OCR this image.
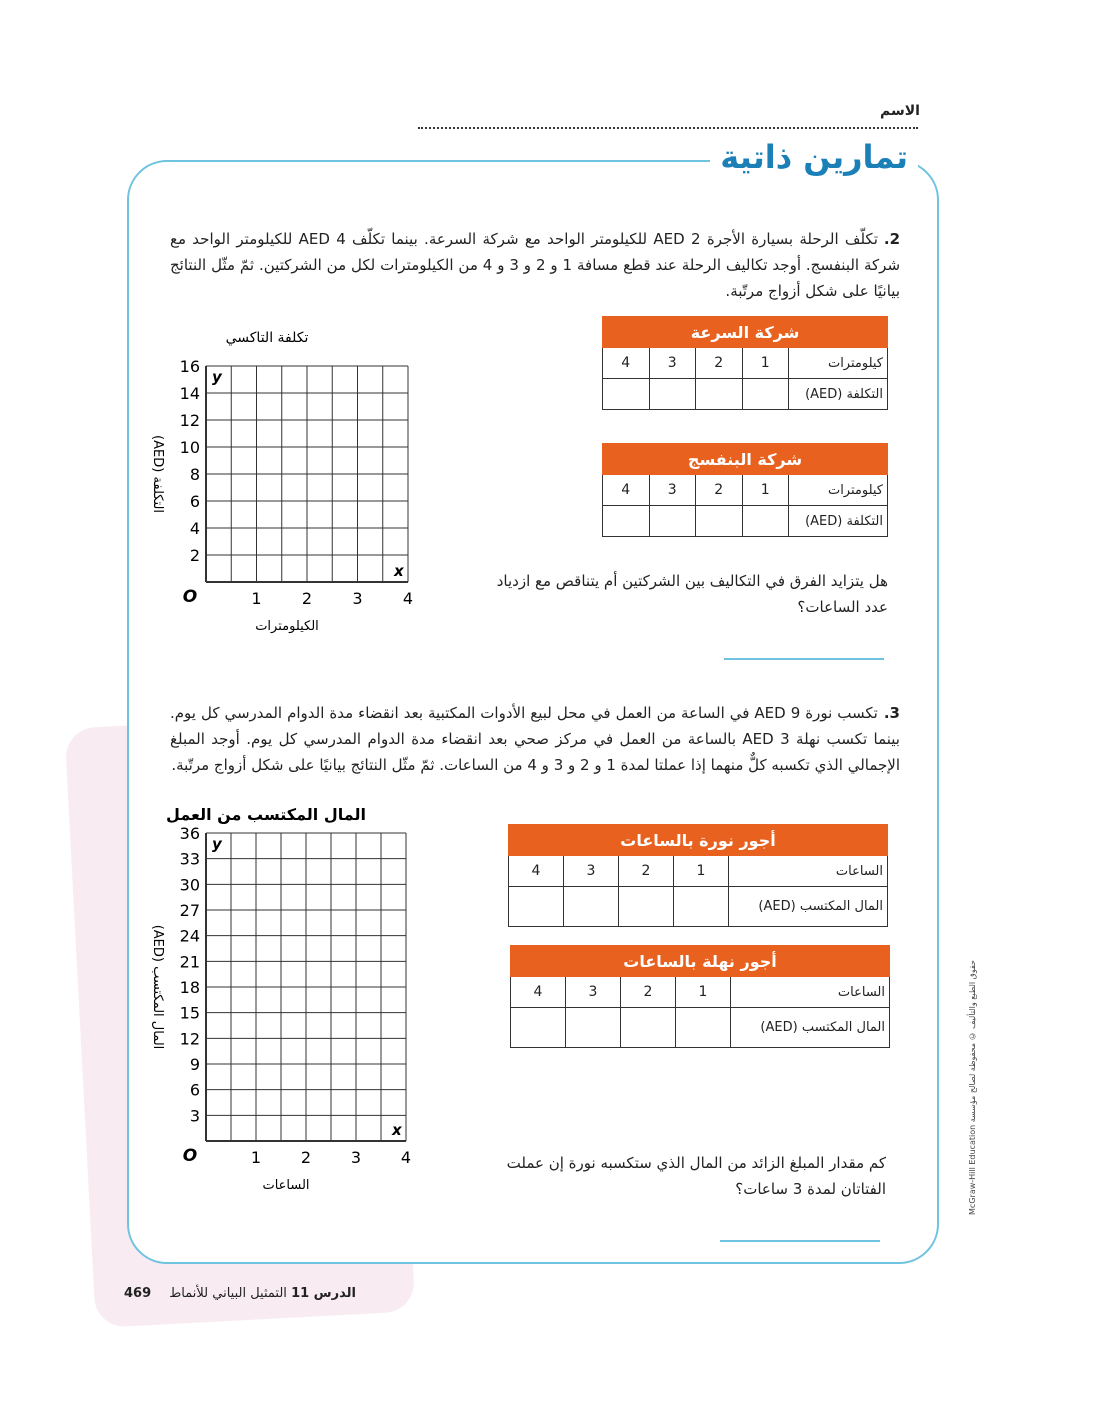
الاسم
تمارين ذاتية
2.تكلّف الرحلة بسيارة الأجرة AED 2 للكيلومتر الواحد مع شركة السرعة. بينما تكلّف AED 4 للكيلومتر الواحد مع شركة البنفسج. أوجد تكاليف الرحلة عند قطع مسافة 1 و 2 و 3 و 4 من الكيلومترات لكل من الشركتين. ثمّ مثّل النتائج بيانيًا على شكل أزواج مرتّبة.
شركة السرعة				
كيلومترات	1	2	3	4
التكلفة (AED)				
شركة البنفسج				
كيلومترات	1	2	3	4
التكلفة (AED)				
هل يتزايد الفرق في التكاليف بين الشركتين أم يتناقص مع ازدياد عدد الساعات؟
تكلفة التاكسي
2
4
6
8
10
12
14
16
1	2	3	4
O
y
x
الكيلومترات
التكلفة (AED)
3.تكسب نورة AED 9 في الساعة من العمل في محل لبيع الأدوات المكتبية بعد انقضاء مدة الدوام المدرسي كل يوم. بينما تكسب نهلة AED 3 بالساعة من العمل في مركز صحي بعد انقضاء مدة الدوام المدرسي كل يوم. أوجد المبلغ الإجمالي الذي تكسبه كلٌّ منهما إذا عملتا لمدة 1 و 2 و 3 و 4 من الساعات. ثمّ مثّل النتائج بيانيًا على شكل أزواج مرتّبة.
أجور نورة بالساعات				
الساعات	1	2	3	4
المال المكتسب (AED)				
أجور نهلة بالساعات				
الساعات	1	2	3	4
المال المكتسب (AED)				
كم مقدار المبلغ الزائد من المال الذي ستكسبه نورة إن عملت الفتاتان لمدة 3 ساعات؟
المال المكتسب من العمل
3
6
9
12
15
18
21
24
27
30
33
36
1 2 3 4
O
y
x
الساعات
المال المكتسب (AED)
الدرس 11 التمثيل البياني للأنماط 469
حقوق الطبع والتأليف © محفوظة لصالح مؤسسة McGraw-Hill Education
